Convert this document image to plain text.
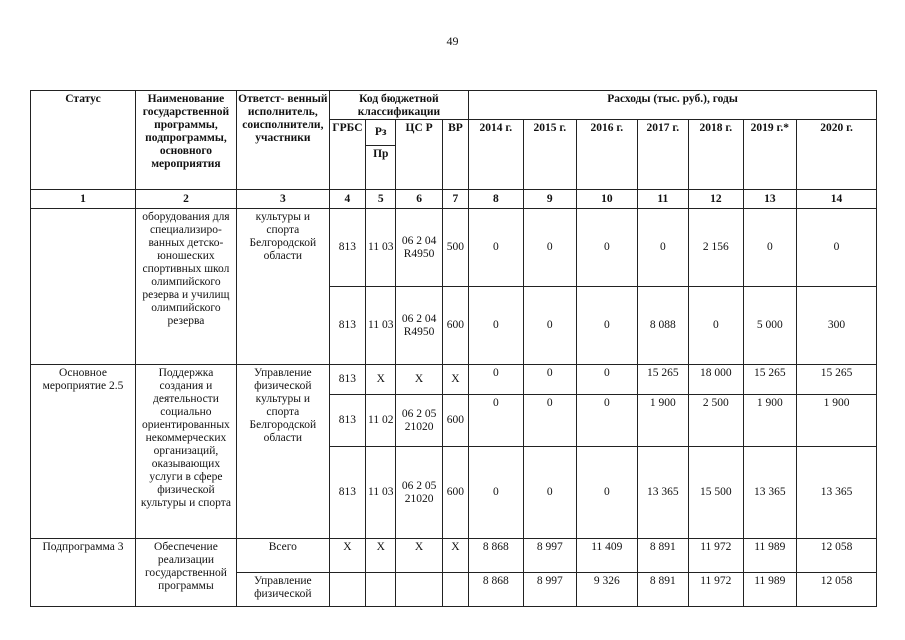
49
Статус	Наименование государственной программы, подпрограммы, основного мероприятия	Ответст- венный исполнитель, соисполнители, участники	Код бюджетной классификации				Расходы (тыс. руб.), годы						
			ГРБС	Рз	ЦС Р	ВР	2014 г.	2015 г.	2016 г.	2017 г.	2018 г.	2019 г.*	2020 г.
				Пр									
1	2	3	4	5	6	7	8	9	10	11	12	13	14
	оборудования для специализиро- ванных детско- юношеских спортивных школ олимпийского резерва и училищ олимпийского резерва	культуры и спорта Белгородской области	813	11 03	06 2 04 R4950	500	0	0	0	0	2 156	0	0
			813	11 03	06 2 04 R4950	600	0	0	0	8 088	0	5 000	300
Основное мероприятие 2.5	Поддержка создания и деятельности социально ориентированных некоммерческих организаций, оказывающих услуги в сфере физической культуры и спорта	Управление физической культуры и спорта Белгородской области	813	Х	Х	Х	0	0	0	15 265	18 000	15 265	15 265
			813	11 02	06 2 05 21020	600	0	0	0	1 900	2 500	1 900	1 900
			813	11 03	06 2 05 21020	600	0	0	0	13 365	15 500	13 365	13 365
Подпрограмма 3	Обеспечение реализации государственной программы	Всего	Х	Х	Х	Х	8 868	8 997	11 409	8 891	11 972	11 989	12 058
		Управление физической					8 868	8 997	9 326	8 891	11 972	11 989	12 058
